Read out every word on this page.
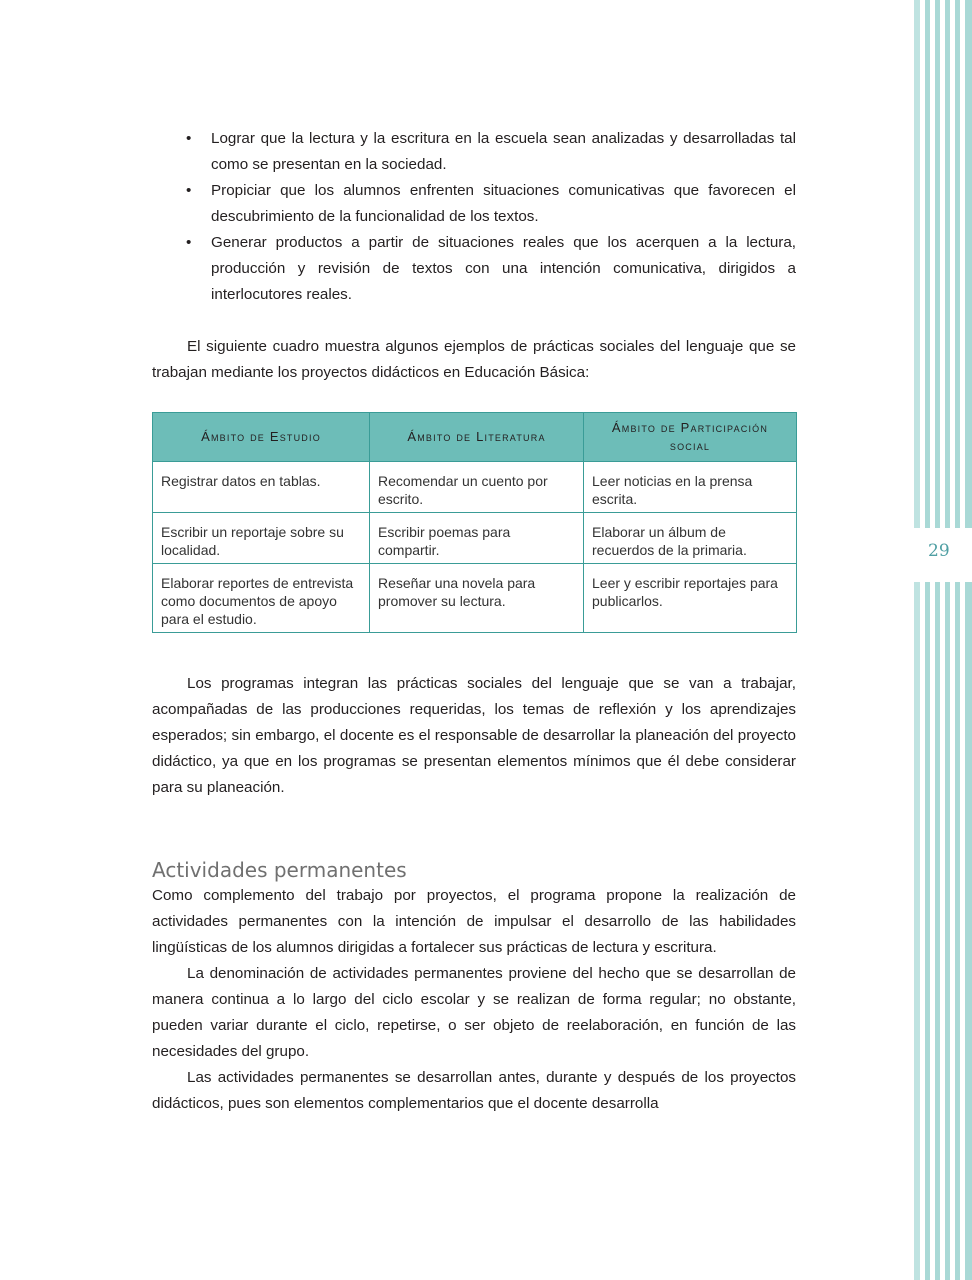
• Lograr que la lectura y la escritura en la escuela sean analizadas y desarrolladas tal como se presentan en la sociedad.
• Propiciar que los alumnos enfrenten situaciones comunicativas que favorecen el descubrimiento de la funcionalidad de los textos.
• Generar productos a partir de situaciones reales que los acerquen a la lectura, producción y revisión de textos con una intención comunicativa, dirigidos a interlocutores reales.

El siguiente cuadro muestra algunos ejemplos de prácticas sociales del lenguaje que se trabajan mediante los proyectos didácticos en Educación Básica:

Ámbito de Estudio	Ámbito de Literatura	Ámbito de Participación social
Registrar datos en tablas.	Recomendar un cuento por escrito.	Leer noticias en la prensa escrita.
Escribir un reportaje sobre su localidad.	Escribir poemas para compartir.	Elaborar un álbum de recuerdos de la primaria.
Elaborar reportes de entrevista como documentos de apoyo para el estudio.	Reseñar una novela para promover su lectura.	Leer y escribir reportajes para publicarlos.

Los programas integran las prácticas sociales del lenguaje que se van a trabajar, acompañadas de las producciones requeridas, los temas de reflexión y los aprendizajes esperados; sin embargo, el docente es el responsable de desarrollar la planeación del proyecto didáctico, ya que en los programas se presentan elementos mínimos que él debe considerar para su planeación.

Actividades permanentes

Como complemento del trabajo por proyectos, el programa propone la realización de actividades permanentes con la intención de impulsar el desarrollo de las habilidades lingüísticas de los alumnos dirigidas a fortalecer sus prácticas de lectura y escritura.

La denominación de actividades permanentes proviene del hecho que se desarrollan de manera continua a lo largo del ciclo escolar y se realizan de forma regular; no obstante, pueden variar durante el ciclo, repetirse, o ser objeto de reelaboración, en función de las necesidades del grupo.

Las actividades permanentes se desarrollan antes, durante y después de los proyectos didácticos, pues son elementos complementarios que el docente desarrolla

29
